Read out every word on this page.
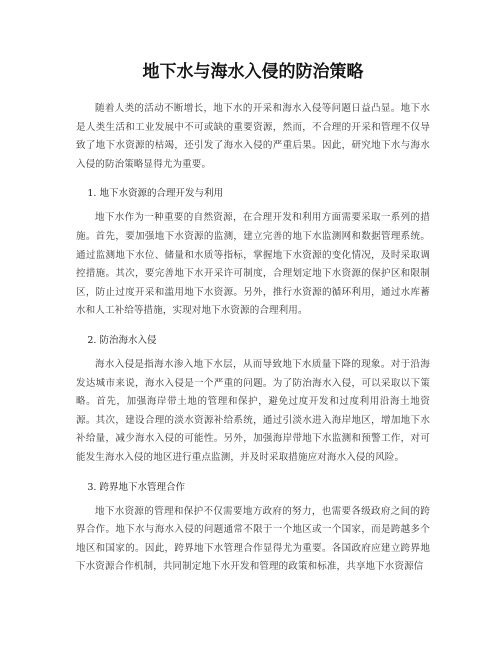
地下水与海水入侵的防治策略

随着人类的活动不断增长，地下水的开采和海水入侵等问题日益凸显。地下水是人类生活和工业发展中不可或缺的重要资源，然而，不合理的开采和管理不仅导致了地下水资源的枯竭，还引发了海水入侵的严重后果。因此，研究地下水与海水入侵的防治策略显得尤为重要。

1. 地下水资源的合理开发与利用

地下水作为一种重要的自然资源，在合理开发和利用方面需要采取一系列的措施。首先，要加强地下水资源的监测，建立完善的地下水监测网和数据管理系统。通过监测地下水位、储量和水质等指标，掌握地下水资源的变化情况，及时采取调控措施。其次，要完善地下水开采许可制度，合理划定地下水资源的保护区和限制区，防止过度开采和滥用地下水资源。另外，推行水资源的循环利用，通过水库蓄水和人工补给等措施，实现对地下水资源的合理利用。

2. 防治海水入侵

海水入侵是指海水渗入地下水层，从而导致地下水质量下降的现象。对于沿海发达城市来说，海水入侵是一个严重的问题。为了防治海水入侵，可以采取以下策略。首先，加强海岸带土地的管理和保护，避免过度开发和过度利用沿海土地资源。其次，建设合理的淡水资源补给系统，通过引淡水进入海岸地区，增加地下水补给量，减少海水入侵的可能性。另外，加强海岸带地下水监测和预警工作，对可能发生海水入侵的地区进行重点监测，并及时采取措施应对海水入侵的风险。

3. 跨界地下水管理合作

地下水资源的管理和保护不仅需要地方政府的努力，也需要各级政府之间的跨界合作。地下水与海水入侵的问题通常不限于一个地区或一个国家，而是跨越多个地区和国家的。因此，跨界地下水管理合作显得尤为重要。各国政府应建立跨界地下水资源合作机制，共同制定地下水开发和管理的政策和标准，共享地下水资源信
